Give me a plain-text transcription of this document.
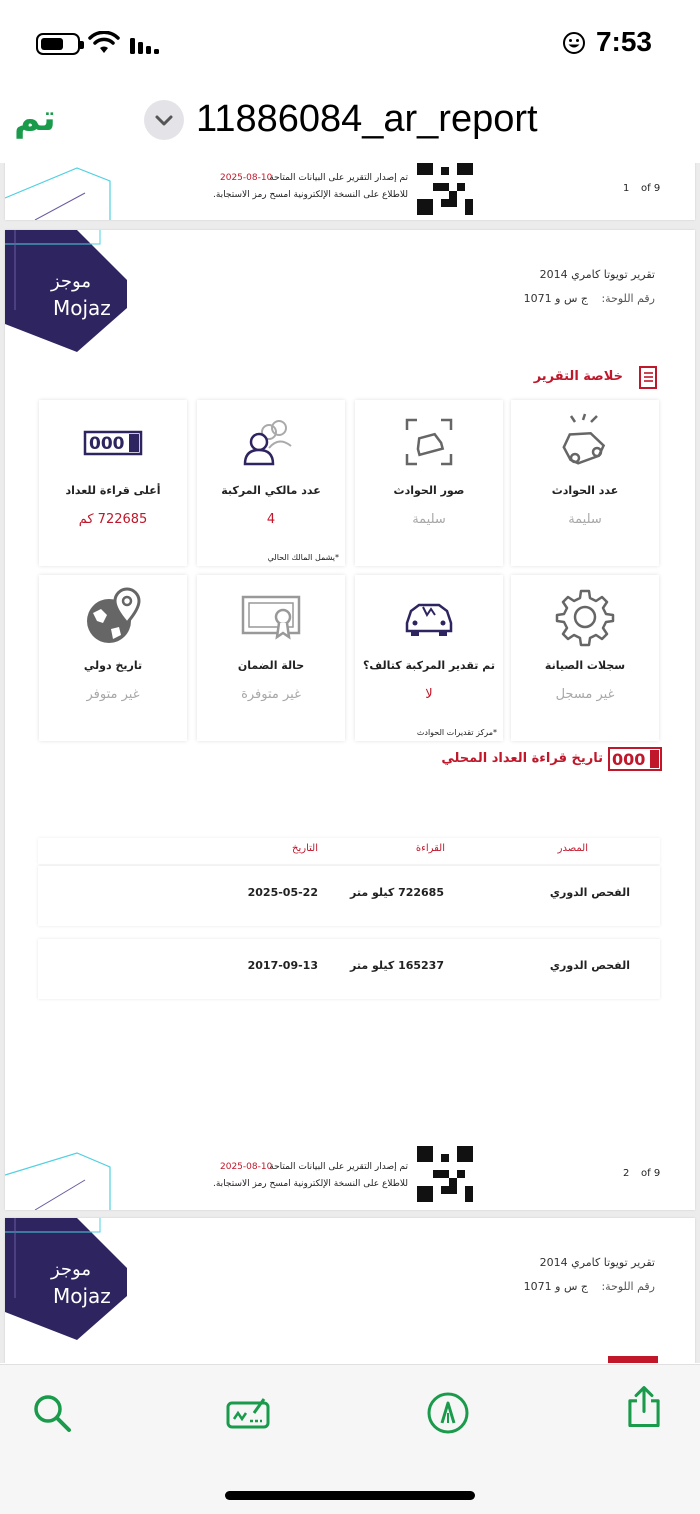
7:53
تم	11886084_ar_report
تم إصدار التقرير على البيانات المتاحة
2025-08-10
للاطلاع على النسخة الإلكترونية امسح رمز الاستجابة.
1 of 9
موجز
Mojaz
تقرير تويوتا كامري 2014
رقم اللوحة:
ج س و 1071
خلاصة التقرير
عدد الحوادث
سليمة
صور الحوادث
سليمة
عدد مالكي المركبة
4
*يشمل المالك الحالي
000
أعلى قراءة للعداد
722685 كم
سجلات الصيانة
غير مسجل
تم تقدير المركبة كتالف؟
لا
*مركز تقديرات الحوادث
حالة الضمان
غير متوفرة
تاريخ دولي
غير متوفر
تاريخ قراءة العداد المحلي 000
المصدر
القراءة
التاريخ
الفحص الدوري
722685 كيلو متر
2025-05-22
الفحص الدوري
165237 كيلو متر
2017-09-13
تم إصدار التقرير على البيانات المتاحة
2025-08-10
للاطلاع على النسخة الإلكترونية امسح رمز الاستجابة.
2 of 9
موجز
Mojaz
تقرير تويوتا كامري 2014
رقم اللوحة:
ج س و 1071
